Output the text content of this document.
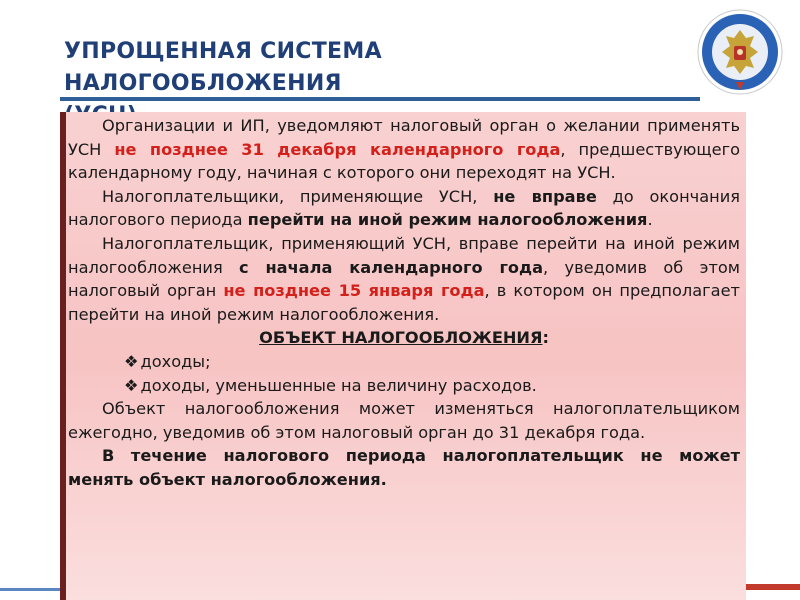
УПРОЩЕННАЯ СИСТЕМА
НАЛОГООБЛОЖЕНИЯ

Организации и ИП, уведомляют налоговый орган о желании применять УСН не позднее 31 декабря календарного года, предшествующего календарному году, начиная с которого они переходят на УСН.

Налогоплательщики, применяющие УСН, не вправе до окончания налогового периода перейти на иной режим налогообложения.

Налогоплательщик, применяющий УСН, вправе перейти на иной режим налогообложения с начала календарного года, уведомив об этом налоговый орган не позднее 15 января года, в котором он предполагает перейти на иной режим налогообложения.

ОБЪЕКТ НАЛОГООБЛОЖЕНИЯ:

❖ доходы;

❖ доходы, уменьшенные на величину расходов.

Объект налогообложения может изменяться налогоплательщиком ежегодно, уведомив об этом налоговый орган до 31 декабря года.

В течение налогового периода налогоплательщик не может менять объект налогообложения.
